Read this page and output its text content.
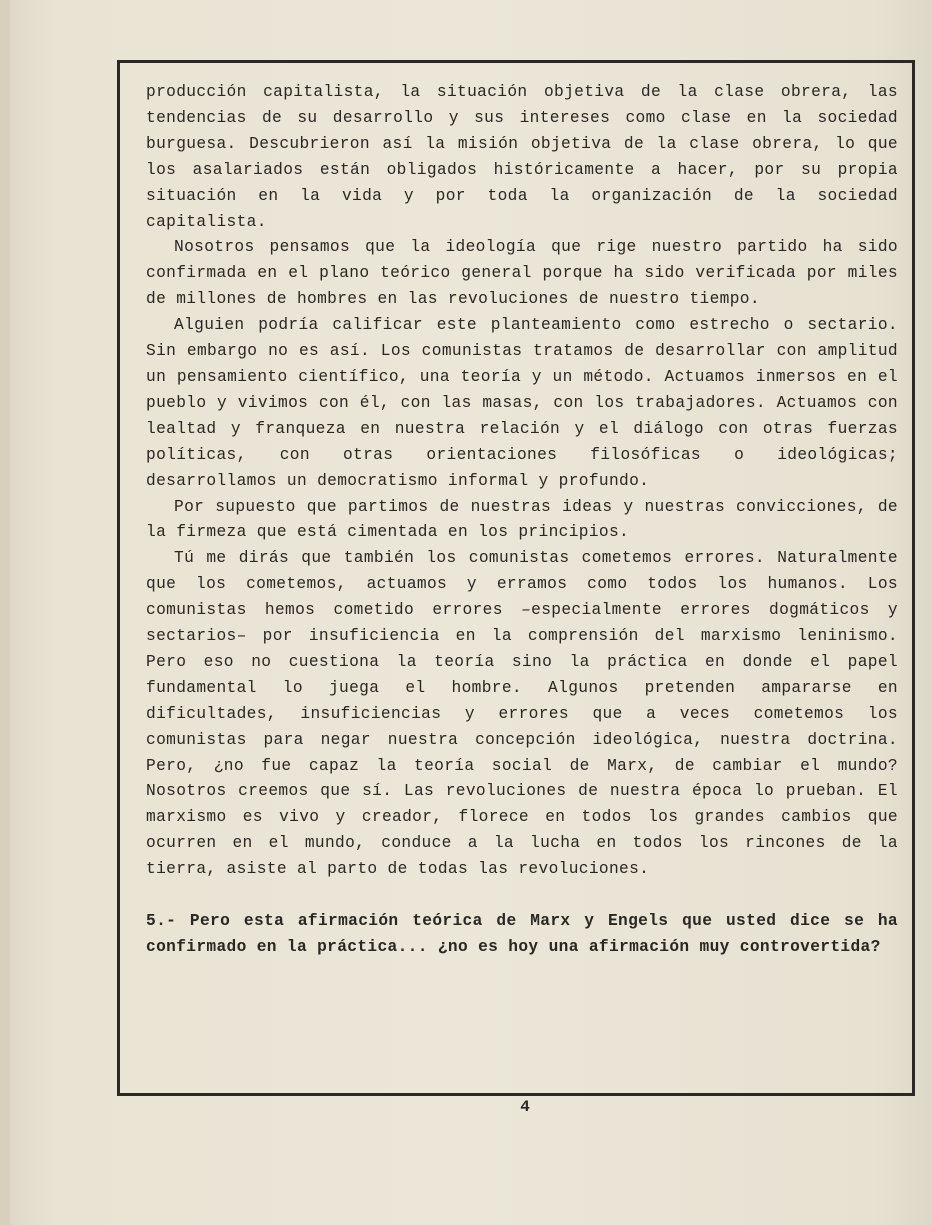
producción capitalista, la situación objetiva de la clase obrera, las tendencias de su desarrollo y sus intereses como clase en la sociedad burguesa. Descubrieron así la misión objetiva de la clase obrera, lo que los asalariados están obligados históricamente a hacer, por su propia situación en la vida y por toda la organización de la sociedad capitalista.

Nosotros pensamos que la ideología que rige nuestro partido ha sido confirmada en el plano teórico general porque ha sido verificada por miles de millones de hombres en las revoluciones de nuestro tiempo.

Alguien podría calificar este planteamiento como estrecho o sectario. Sin embargo no es así. Los comunistas tratamos de desarrollar con amplitud un pensamiento científico, una teoría y un método. Actuamos inmersos en el pueblo y vivimos con él, con las masas, con los trabajadores. Actuamos con lealtad y franqueza en nuestra relación y el diálogo con otras fuerzas políticas, con otras orientaciones filosóficas o ideológicas; desarrollamos un democratismo informal y profundo.

Por supuesto que partimos de nuestras ideas y nuestras convicciones, de la firmeza que está cimentada en los principios.

Tú me dirás que también los comunistas cometemos errores. Naturalmente que los cometemos, actuamos y erramos como todos los humanos. Los comunistas hemos cometido errores –especialmente errores dogmáticos y sectarios– por insuficiencia en la comprensión del marxismo leninismo. Pero eso no cuestiona la teoría sino la práctica en donde el papel fundamental lo juega el hombre. Algunos pretenden ampararse en dificultades, insuficiencias y errores que a veces cometemos los comunistas para negar nuestra concepción ideológica, nuestra doctrina. Pero, ¿no fue capaz la teoría social de Marx, de cambiar el mundo? Nosotros creemos que sí. Las revoluciones de nuestra época lo prueban. El marxismo es vivo y creador, florece en todos los grandes cambios que ocurren en el mundo, conduce a la lucha en todos los rincones de la tierra, asiste al parto de todas las revoluciones.

5.- Pero esta afirmación teórica de Marx y Engels que usted dice se ha confirmado en la práctica... ¿no es hoy una afirmación muy controvertida?

4
